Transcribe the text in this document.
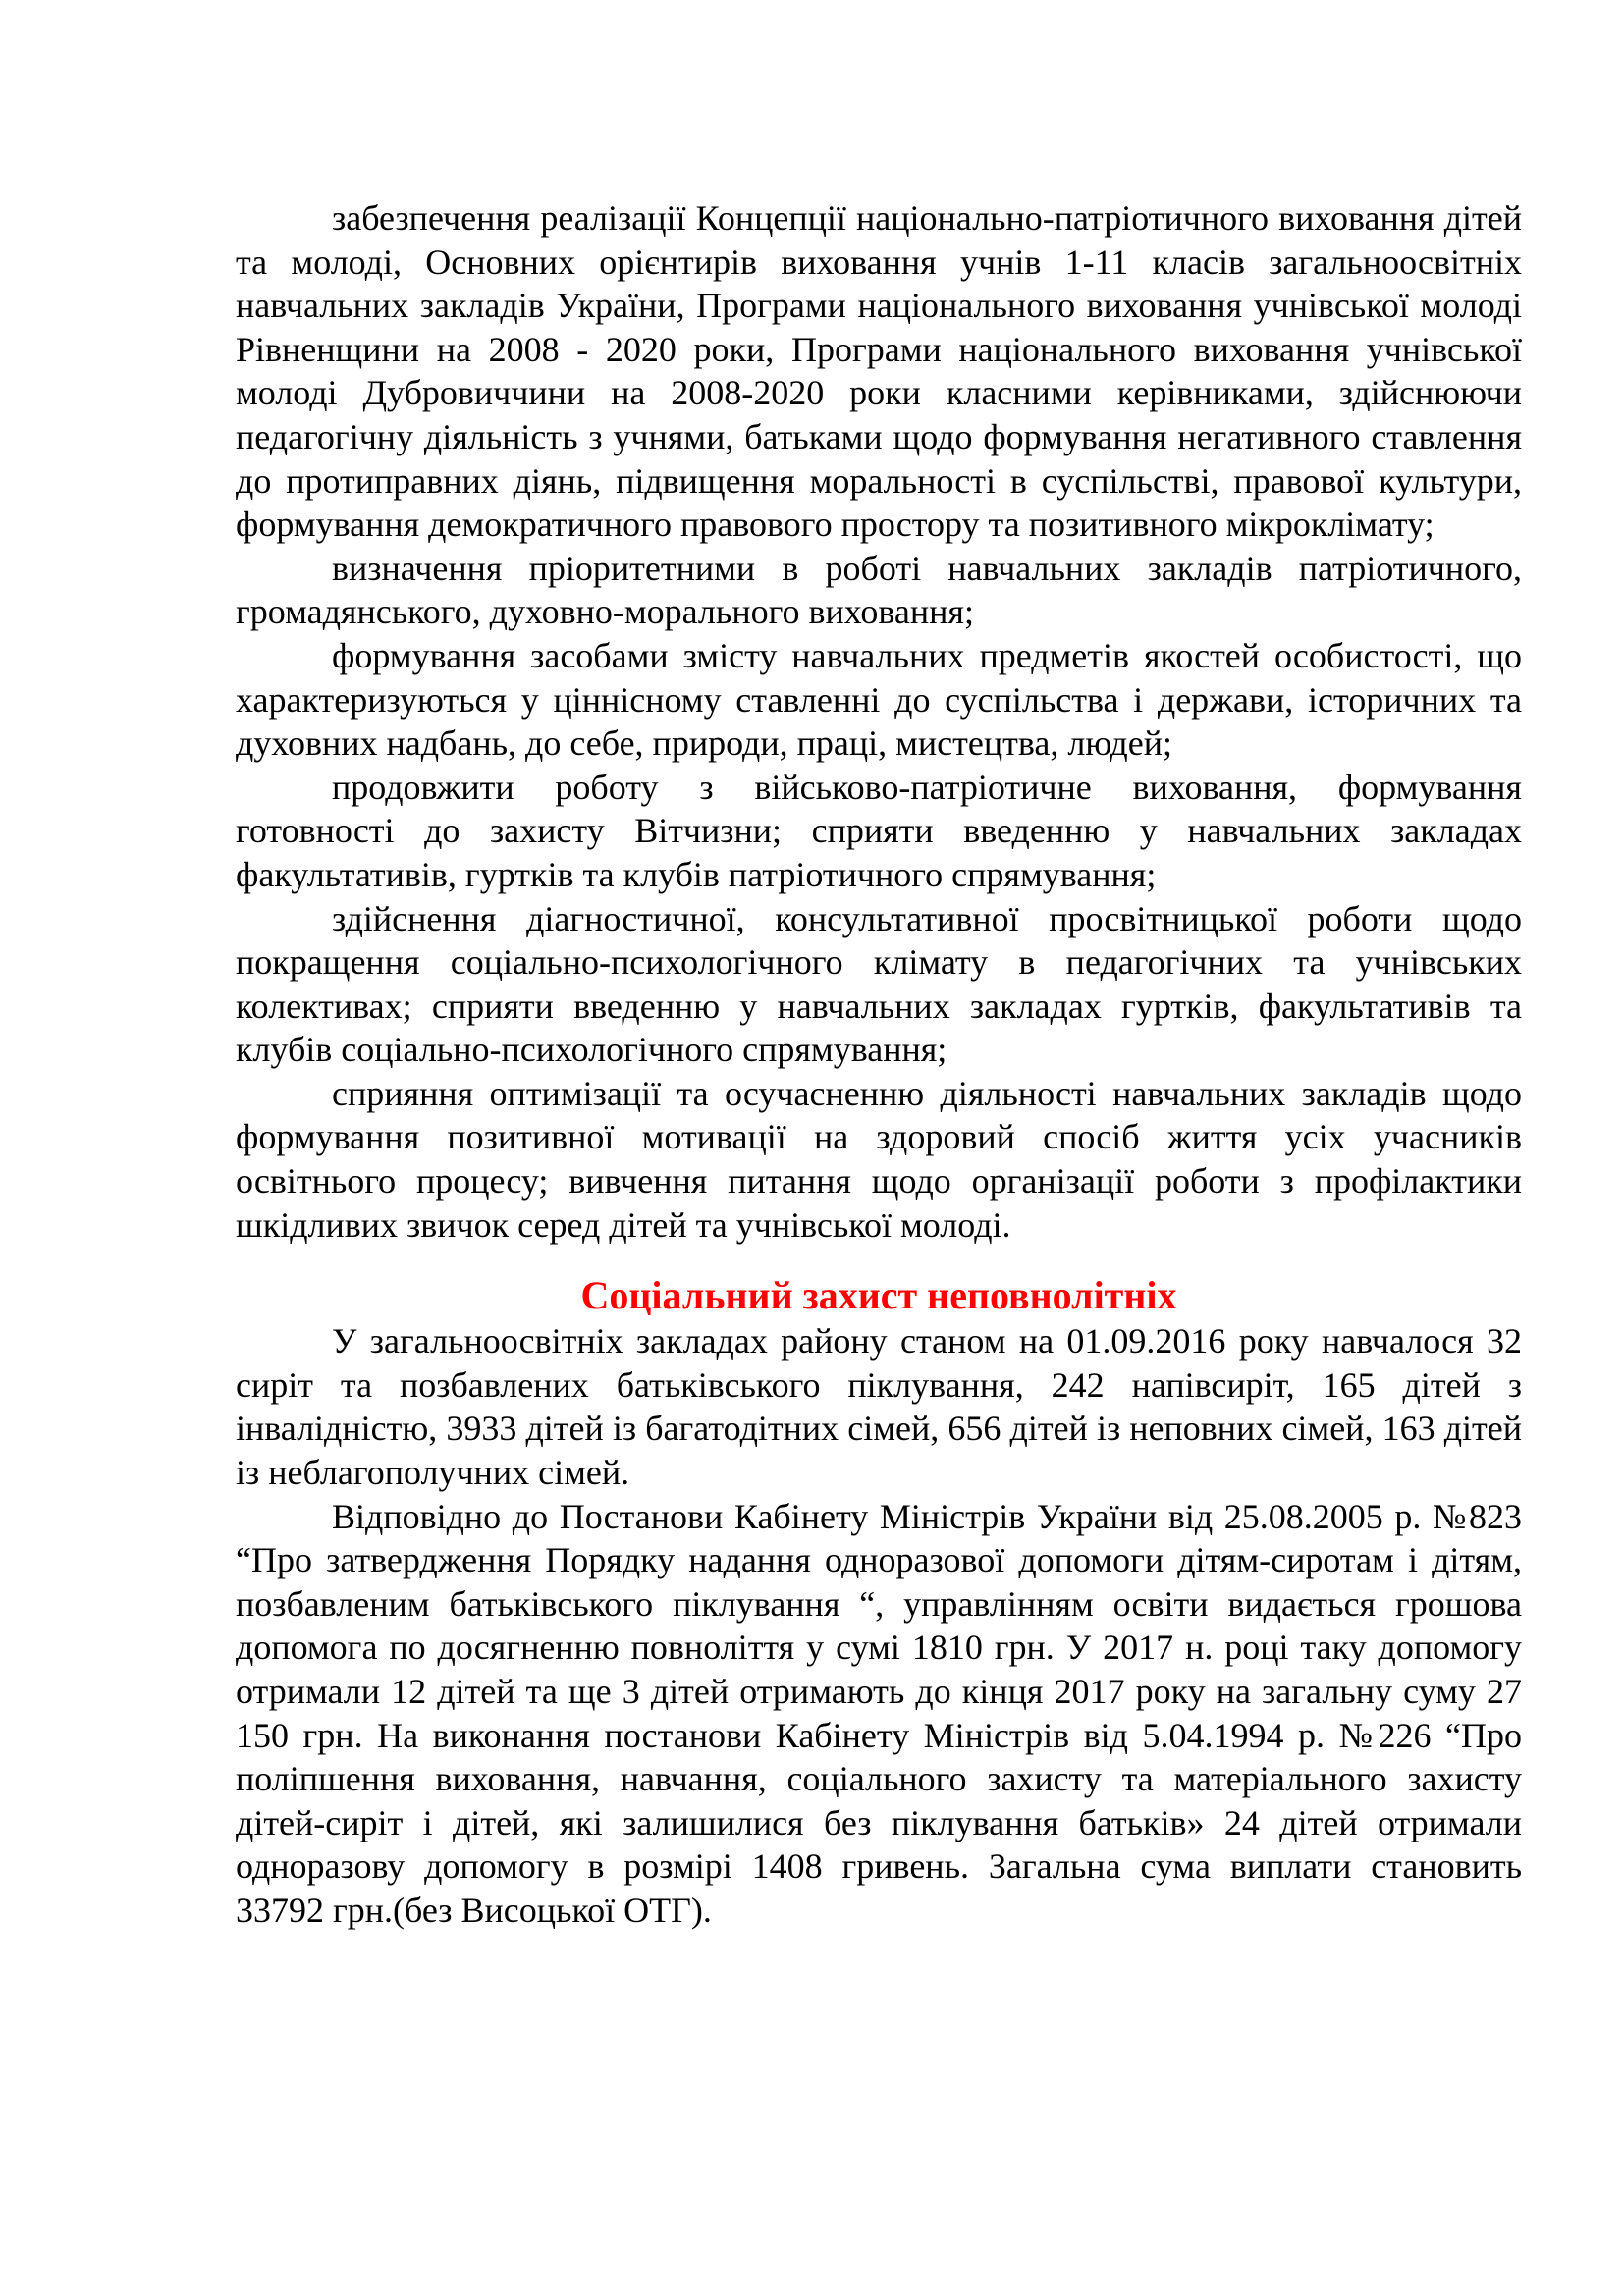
забезпечення реалізації Концепції національно-патріотичного виховання дітей та молоді, Основних орієнтирів виховання учнів 1-11 класів загальноосвітніх навчальних закладів України, Програми національного виховання учнівської молоді Рівненщини на 2008 - 2020 роки, Програми національного виховання учнівської молоді Дубровиччини на 2008-2020 роки класними керівниками, здійснюючи педагогічну діяльність з учнями, батьками щодо формування негативного ставлення до протиправних діянь, підвищення моральності в суспільстві, правової культури, формування демократичного правового простору та позитивного мікроклімату;

визначення пріоритетними в роботі навчальних закладів патріотичного, громадянського, духовно-морального виховання;

формування засобами змісту навчальних предметів якостей особистості, що характеризуються у ціннісному ставленні до суспільства і держави, історичних та духовних надбань, до себе, природи, праці, мистецтва, людей;

продовжити роботу з військово-патріотичне виховання, формування готовності до захисту Вітчизни; сприяти введенню у навчальних закладах факультативів, гуртків та клубів патріотичного спрямування;

здійснення діагностичної, консультативної просвітницької роботи щодо покращення соціально-психологічного клімату в педагогічних та учнівських колективах; сприяти введенню у навчальних закладах гуртків, факультативів та клубів соціально-психологічного спрямування;

сприяння оптимізації та осучасненню діяльності навчальних закладів щодо формування позитивної мотивації на здоровий спосіб життя усіх учасників освітнього процесу; вивчення питання щодо організації роботи з профілактики шкідливих звичок серед дітей та учнівської молоді.

Соціальний захист неповнолітніх

У загальноосвітніх закладах району станом на 01.09.2016 року навчалося 32 сиріт та позбавлених батьківського піклування, 242 напівсиріт, 165 дітей з інвалідністю, 3933 дітей із багатодітних сімей, 656 дітей із неповних сімей, 163 дітей із неблагополучних сімей.

Відповідно до Постанови Кабінету Міністрів України від 25.08.2005 р. №823 “Про затвердження Порядку надання одноразової допомоги дітям-сиротам і дітям, позбавленим батьківського піклування “, управлінням освіти видається грошова допомога по досягненню повноліття у сумі 1810 грн. У 2017 н. році таку допомогу отримали 12 дітей та ще 3 дітей отримають до кінця 2017 року на загальну суму 27 150 грн. На виконання постанови Кабінету Міністрів від 5.04.1994 р. №226 “Про поліпшення виховання, навчання, соціального захисту та матеріального захисту дітей-сиріт і дітей, які залишилися без піклування батьків» 24 дітей отримали одноразову допомогу в розмірі 1408 гривень. Загальна сума виплати становить 33792 грн.(без Висоцької ОТГ).
